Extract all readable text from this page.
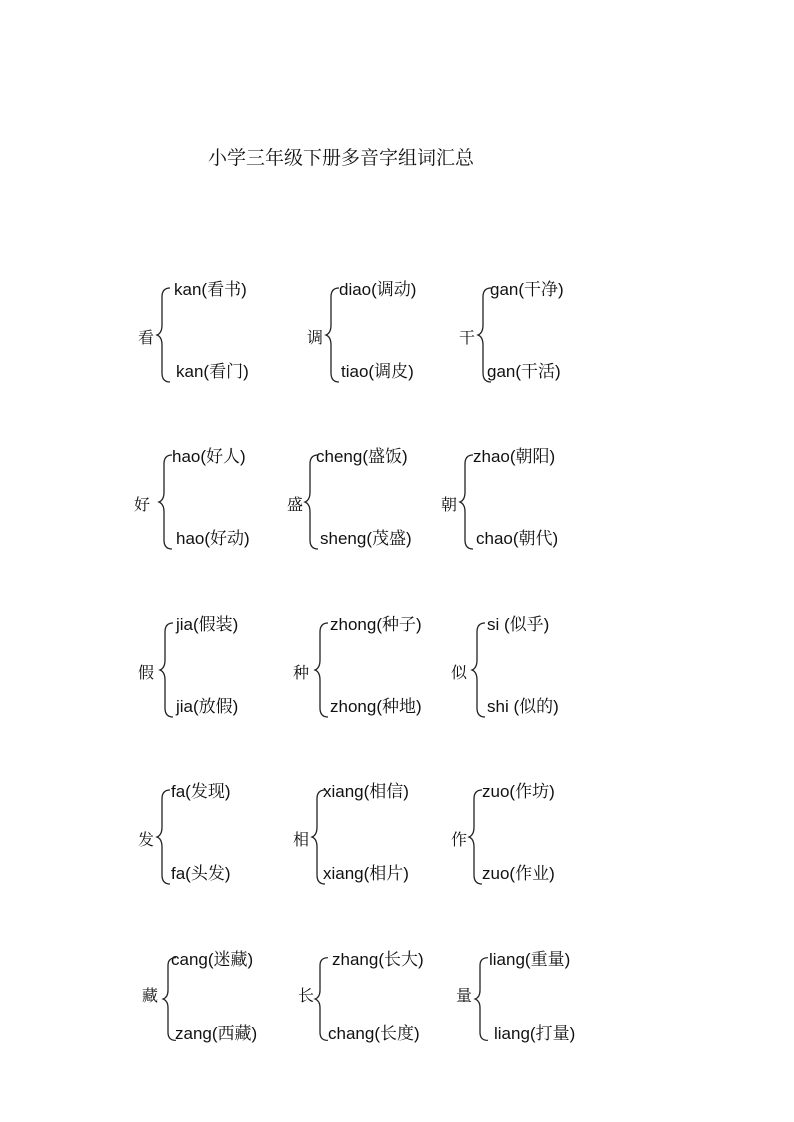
小学三年级下册多音字组词汇总
看
kan(看书)
kan(看门)
调
diao(调动)
tiao(调皮)
干
gan(干净)
gan(干活)
好
hao(好人)
hao(好动)
盛
cheng(盛饭)
sheng(茂盛)
朝
zhao(朝阳)
chao(朝代)
假
jia(假装)
jia(放假)
种
zhong(种子)
zhong(种地)
似
si (似乎)
shi (似的)
发
fa(发现)
fa(头发)
相
xiang(相信)
xiang(相片)
作
zuo(作坊)
zuo(作业)
藏
cang(迷藏)
zang(西藏)
长
zhang(长大)
chang(长度)
量
liang(重量)
liang(打量)
